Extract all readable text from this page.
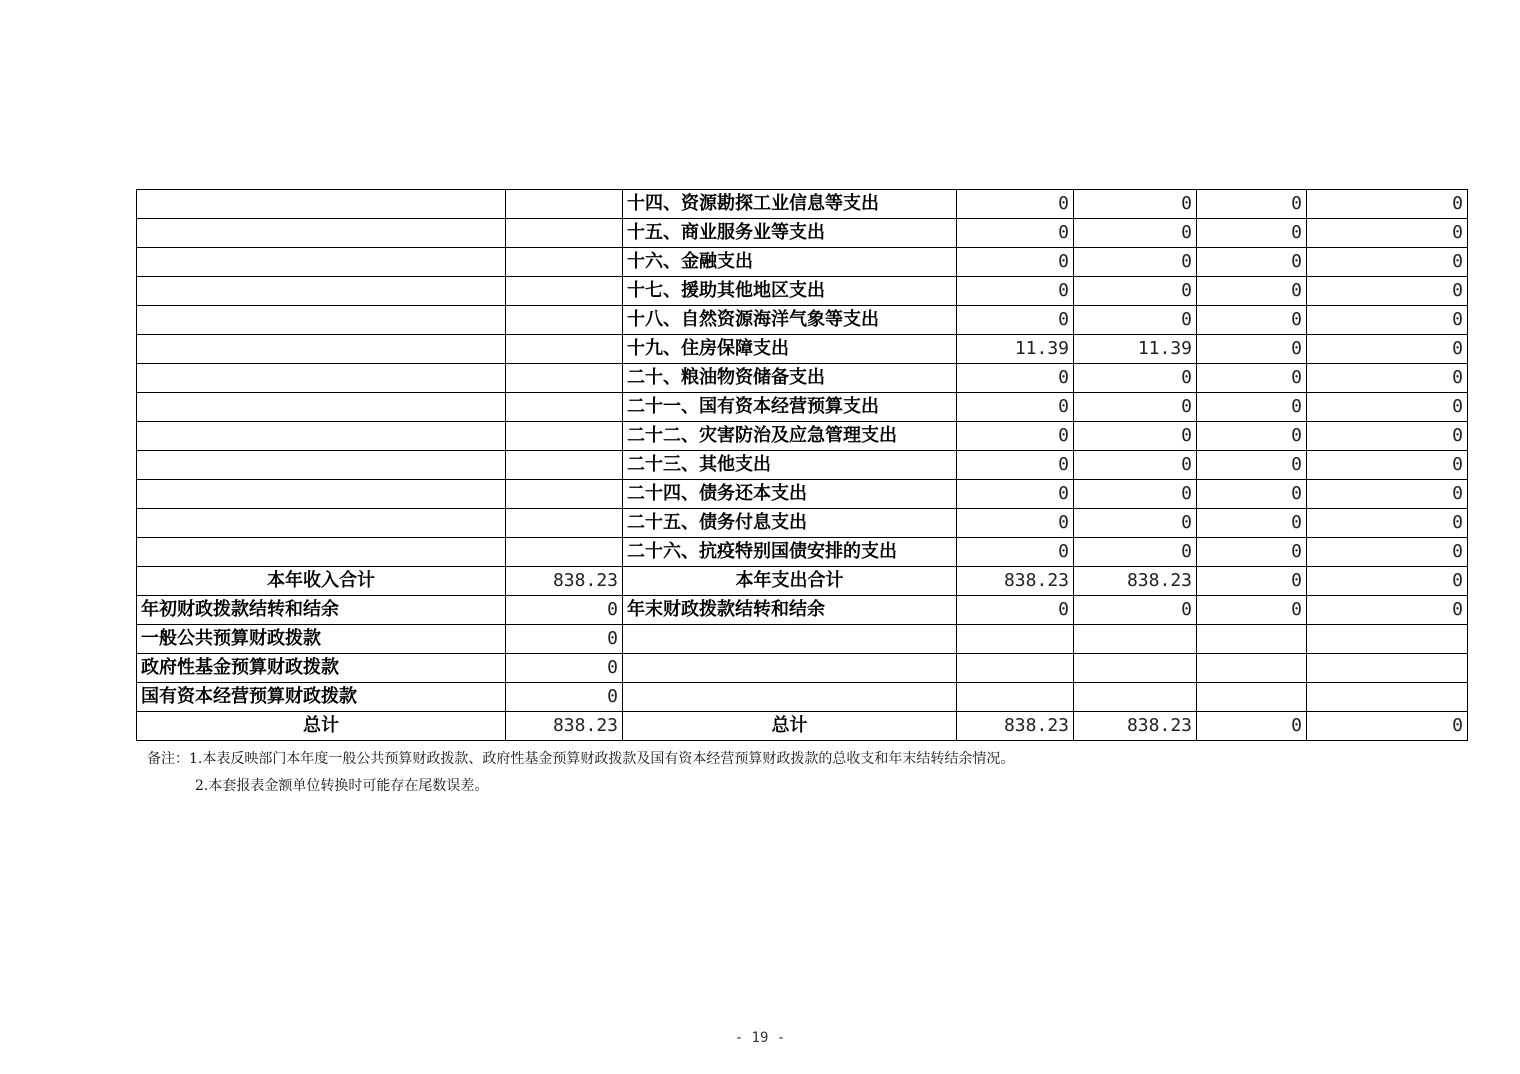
		十四、资源勘探工业信息等支出	0	0	0	0
		十五、商业服务业等支出	0	0	0	0
		十六、金融支出	0	0	0	0
		十七、援助其他地区支出	0	0	0	0
		十八、自然资源海洋气象等支出	0	0	0	0
		十九、住房保障支出	11.39	11.39	0	0
		二十、粮油物资储备支出	0	0	0	0
		二十一、国有资本经营预算支出	0	0	0	0
		二十二、灾害防治及应急管理支出	0	0	0	0
		二十三、其他支出	0	0	0	0
		二十四、债务还本支出	0	0	0	0
		二十五、债务付息支出	0	0	0	0
		二十六、抗疫特别国债安排的支出	0	0	0	0
本年收入合计	838.23	本年支出合计	838.23	838.23	0	0
年初财政拨款结转和结余	0	年末财政拨款结转和结余	0	0	0	0
一般公共预算财政拨款	0					
政府性基金预算财政拨款	0					
国有资本经营预算财政拨款	0					
总计	838.23	总计	838.23	838.23	0	0
备注：1.本表反映部门本年度一般公共预算财政拨款、政府性基金预算财政拨款及国有资本经营预算财政拨款的总收支和年末结转结余情况。
2.本套报表金额单位转换时可能存在尾数误差。
- 19 -
